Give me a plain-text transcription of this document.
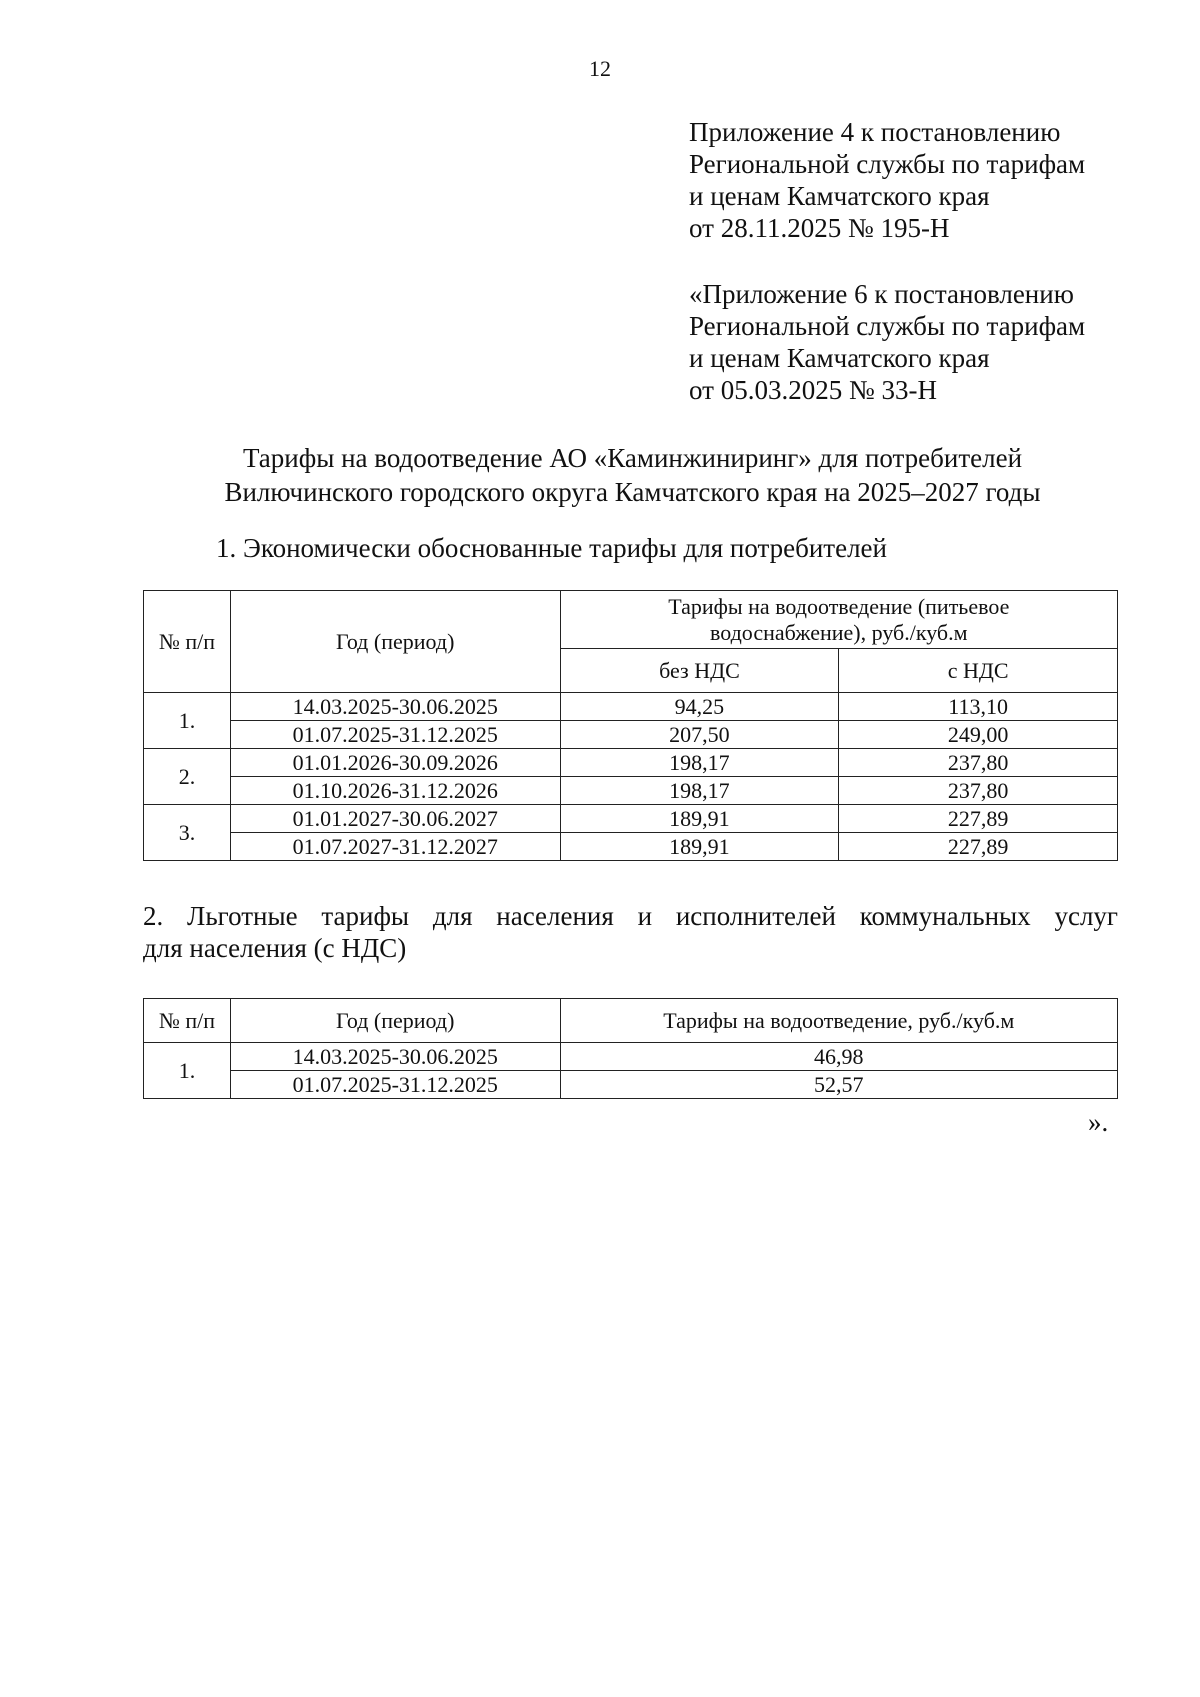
12
Приложение 4 к постановлению
Региональной службы по тарифам
и ценам Камчатского края
от 28.11.2025 № 195-Н
«Приложение 6 к постановлению
Региональной службы по тарифам
и ценам Камчатского края
от 05.03.2025 № 33-Н
Тарифы на водоотведение АО «Каминжиниринг» для потребителей
Вилючинского городского округа Камчатского края на 2025–2027 годы
1. Экономически обоснованные тарифы для потребителей
№ п/п	Год (период)	Тарифы на водоотведение (питьевое
водоснабжение), руб./куб.м	

		без НДС	с НДС
1.	14.03.2025-30.06.2025	94,25	113,10
	01.07.2025-31.12.2025	207,50	249,00
2.	01.01.2026-30.09.2026	198,17	237,80
	01.10.2026-31.12.2026	198,17	237,80
3.	01.01.2027-30.06.2027	189,91	227,89
	01.07.2027-31.12.2027	189,91	227,89
2. Льготные тарифы для населения и исполнителей коммунальных услуг
для населения (с НДС)
№ п/п	Год (период)	Тарифы на водоотведение, руб./куб.м
1.	14.03.2025-30.06.2025	46,98
	01.07.2025-31.12.2025	52,57
».
